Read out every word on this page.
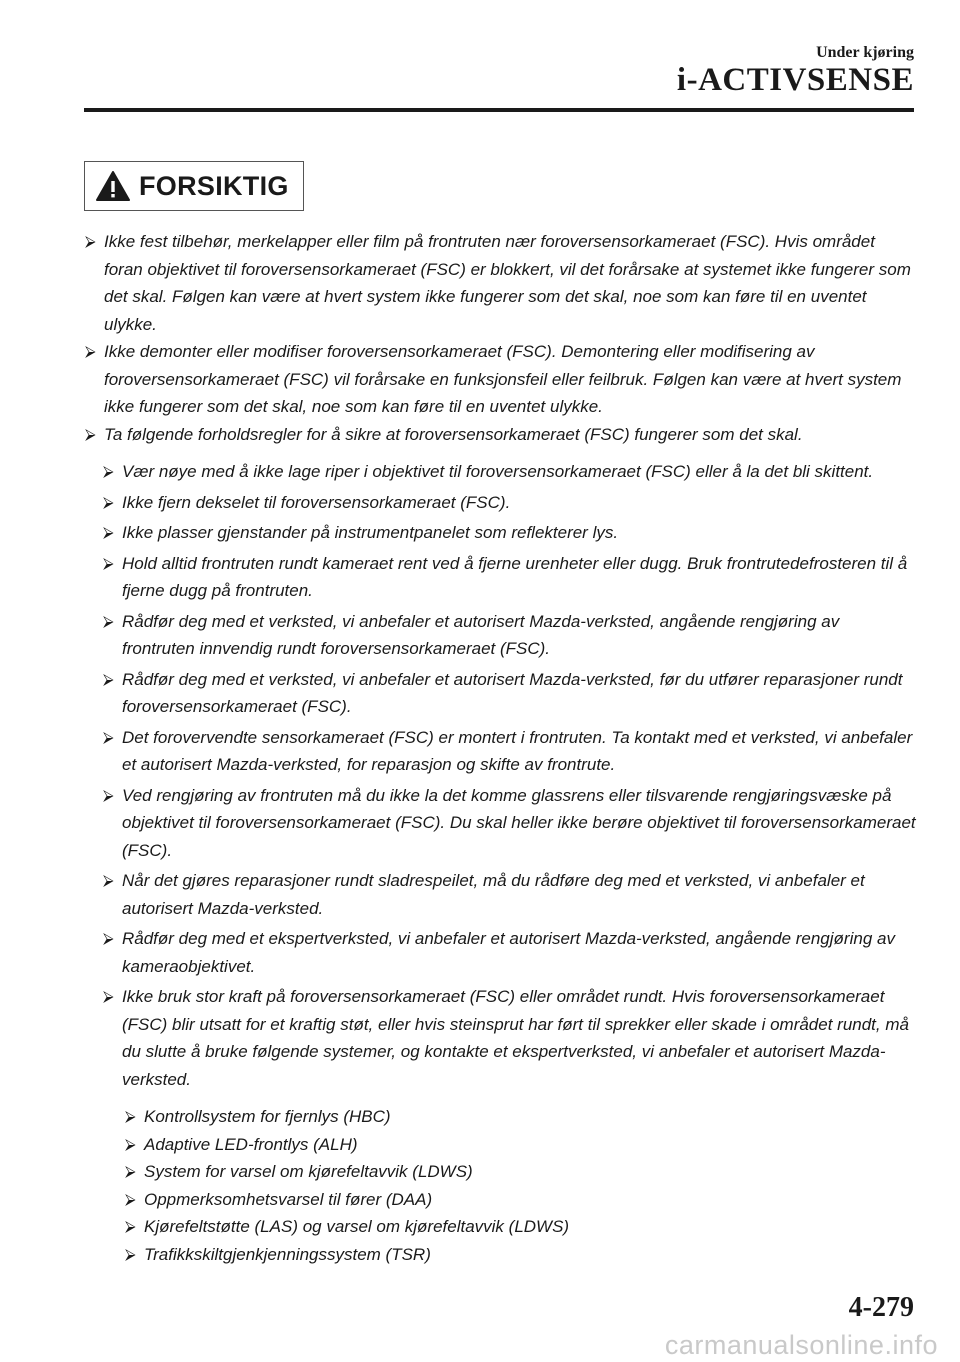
Under kjøring
i-ACTIVSENSE
FORSIKTIG
⮚ Ikke fest tilbehør, merkelapper eller film på frontruten nær foroversensorkameraet (FSC). Hvis området foran objektivet til foroversensorkameraet (FSC) er blokkert, vil det forårsake at systemet ikke fungerer som det skal. Følgen kan være at hvert system ikke fungerer som det skal, noe som kan føre til en uventet ulykke.
⮚ Ikke demonter eller modifiser foroversensorkameraet (FSC). Demontering eller modifisering av foroversensorkameraet (FSC) vil forårsake en funksjonsfeil eller feilbruk. Følgen kan være at hvert system ikke fungerer som det skal, noe som kan føre til en uventet ulykke.
⮚ Ta følgende forholdsregler for å sikre at foroversensorkameraet (FSC) fungerer som det skal.
⮚ Vær nøye med å ikke lage riper i objektivet til foroversensorkameraet (FSC) eller å la det bli skittent.
⮚ Ikke fjern dekselet til foroversensorkameraet (FSC).
⮚ Ikke plasser gjenstander på instrumentpanelet som reflekterer lys.
⮚ Hold alltid frontruten rundt kameraet rent ved å fjerne urenheter eller dugg. Bruk frontrutedefrosteren til å fjerne dugg på frontruten.
⮚ Rådfør deg med et verksted, vi anbefaler et autorisert Mazda-verksted, angående rengjøring av frontruten innvendig rundt foroversensorkameraet (FSC).
⮚ Rådfør deg med et verksted, vi anbefaler et autorisert Mazda-verksted, før du utfører reparasjoner rundt foroversensorkameraet (FSC).
⮚ Det forovervendte sensorkameraet (FSC) er montert i frontruten. Ta kontakt med et verksted, vi anbefaler et autorisert Mazda-verksted, for reparasjon og skifte av frontrute.
⮚ Ved rengjøring av frontruten må du ikke la det komme glassrens eller tilsvarende rengjøringsvæske på objektivet til foroversensorkameraet (FSC). Du skal heller ikke berøre objektivet til foroversensorkameraet (FSC).
⮚ Når det gjøres reparasjoner rundt sladrespeilet, må du rådføre deg med et verksted, vi anbefaler et autorisert Mazda-verksted.
⮚ Rådfør deg med et ekspertverksted, vi anbefaler et autorisert Mazda-verksted, angående rengjøring av kameraobjektivet.
⮚ Ikke bruk stor kraft på foroversensorkameraet (FSC) eller området rundt. Hvis foroversensorkameraet (FSC) blir utsatt for et kraftig støt, eller hvis steinsprut har ført til sprekker eller skade i området rundt, må du slutte å bruke følgende systemer, og kontakte et ekspertverksted, vi anbefaler et autorisert Mazda-verksted.
⮚ Kontrollsystem for fjernlys (HBC)
⮚ Adaptive LED-frontlys (ALH)
⮚ System for varsel om kjørefeltavvik (LDWS)
⮚ Oppmerksomhetsvarsel til fører (DAA)
⮚ Kjørefeltstøtte (LAS) og varsel om kjørefeltavvik (LDWS)
⮚ Trafikkskiltgjenkjenningssystem (TSR)
4-279
carmanualsonline.info
